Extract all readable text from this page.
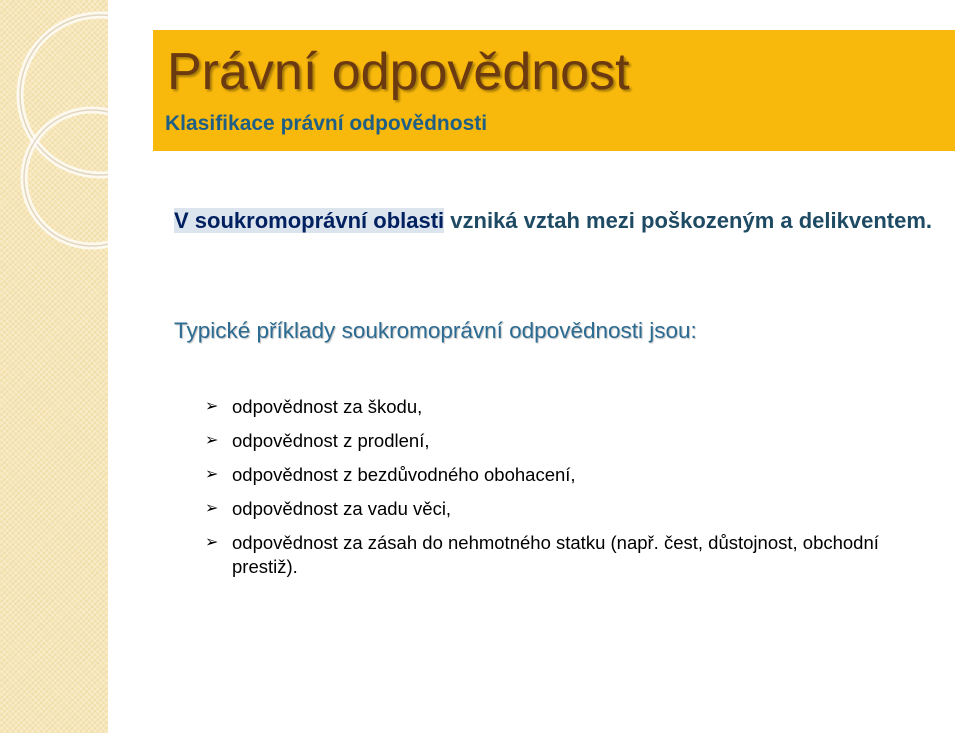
Právní odpovědnost
Klasifikace právní odpovědnosti

V soukromoprávní oblasti vzniká vztah mezi poškozeným a delikventem.

Typické příklady soukromoprávní odpovědnosti jsou:

➢ odpovědnost za škodu,
➢ odpovědnost z prodlení,
➢ odpovědnost z bezdůvodného obohacení,
➢ odpovědnost za vadu věci,
➢ odpovědnost za zásah do nehmotného statku (např. čest, důstojnost, obchodní prestiž).
